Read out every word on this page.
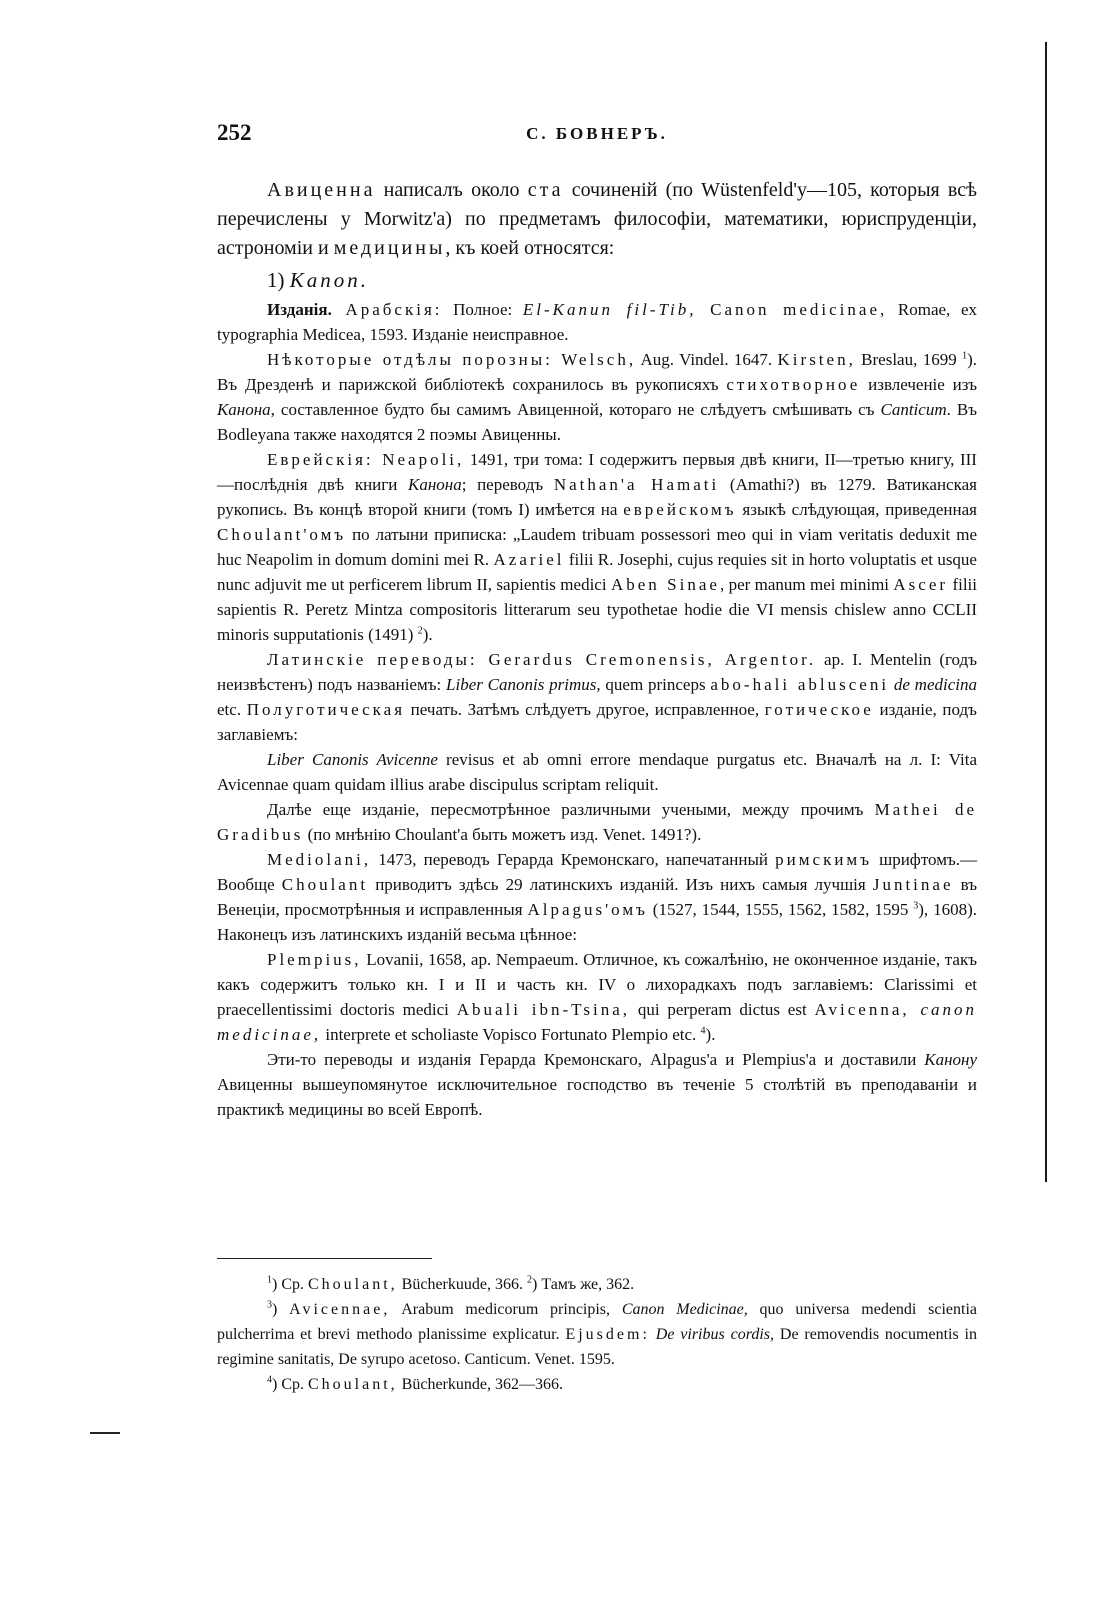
252	С. БОВНЕРЪ.

Авиценна написалъ около ста сочиненій (по Wüstenfeld'у—105, которыя всѣ перечислены у Morwitz'а) по предметамъ философіи, математики, юриспруденціи, астрономіи и медицины, къ коей относятся:

1) Kanon.

Изданія. Арабскія: Полное: El-Kanun fil-Tib, Canon medicinae, Romae, ex typographia Medicea, 1593. Изданіе неисправное.

Нѣкоторые отдѣлы порозны: Welsch, Aug. Vindel. 1647. Kirsten, Breslau, 1699 $^1$). Въ Дрезденѣ и парижской библіотекѣ сохранилось въ рукописяхъ стихотворное извлеченіе изъ Канона, составленное будто бы самимъ Авиценной, котораго не слѣдуетъ смѣшивать съ Canticum. Въ Bodleyana также находятся 2 поэмы Авиценны.

Еврейскія: Neapoli, 1491, три тома: I содержитъ первыя двѣ книги, II—третью книгу, III—послѣднія двѣ книги Канона; переводъ Nathan'а Hamati (Amathi?) въ 1279. Ватиканская рукопись. Въ концѣ второй книги (томъ I) имѣется на еврейскомъ языкѣ слѣдующая, приведенная Choulant'омъ по латыни приписка: „Laudem tribuam possessori meo qui in viam veritatis deduxit me huc Neapolim in domum domini mei R. Azariel filii R. Josephi, cujus requies sit in horto voluptatis et usque nunc adjuvit me ut perficerem librum II, sapientis medici Aben Sinae, per manum mei minimi Ascer filii sapientis R. Peretz Mintza compositoris litterarum seu typothetae hodie die VI mensis chislew anno CCLII minoris supputationis (1491) $^2$).

Латинскіе переводы: Gerardus Cremonensis, Argentor. ap. I. Mentelin (годъ неизвѣстенъ) подъ названіемъ: Liber Canonis primus, quem princeps abo-hali ablusceni de medicina etc. Полуготическая печать. Затѣмъ слѣдуетъ другое, исправленное, готическое изданіе, подъ заглавіемъ:

Liber Canonis Avicenne revisus et ab omni errore mendaque purgatus etc. Вначалѣ на л. I: Vita Avicennae quam quidam illius arabe discipulus scriptam reliquit.

Далѣе еще изданіе, пересмотрѣнное различными учеными, между прочимъ Mathei de Gradibus (по мнѣнію Choulant'а быть можетъ изд. Venet. 1491?).

Mediolani, 1473, переводъ Герарда Кремонскаго, напечатанный римскимъ шрифтомъ.—Вообще Choulant приводитъ здѣсь 29 латинскихъ изданій. Изъ нихъ самыя лучшія Juntinae въ Венеціи, просмотрѣнныя и исправленныя Alpagus'омъ (1527, 1544, 1555, 1562, 1582, 1595 $^3$), 1608). Наконецъ изъ латинскихъ изданій весьма цѣнное:

Plempius, Lovanii, 1658, ap. Nempaeum. Отличное, къ сожалѣнію, не оконченное изданіе, такъ какъ содержитъ только кн. I и II и часть кн. IV о лихорадкахъ подъ заглавіемъ: Clarissimi et praecellentissimi doctoris medici Abuali ibn-Tsina, qui perperam dictus est Avicenna, canon medicinae, interprete et scholiaste Vopisco Fortunato Plempio etc. $^4$).

Эти-то переводы и изданія Герарда Кремонскаго, Alpagus'а и Plempius'а и доставили Канону Авиценны вышеупомянутое исключительное господство въ теченіе 5 столѣтій въ преподаваніи и практикѣ медицины во всей Европѣ.

$^1$) Cp. Choulant, Bücherkuude, 366. $^2$) Тамъ же, 362.

$^3$) Avicennae, Arabum medicorum principis, Canon Medicinae, quo universa medendi scientia pulcherrima et brevi methodo planissime explicatur. Ejusdem: De viribus cordis, De removendis nocumentis in regimine sanitatis, De syrupo acetoso. Canticum. Venet. 1595.

$^4$) Cp. Choulant, Bücherkunde, 362—366.
